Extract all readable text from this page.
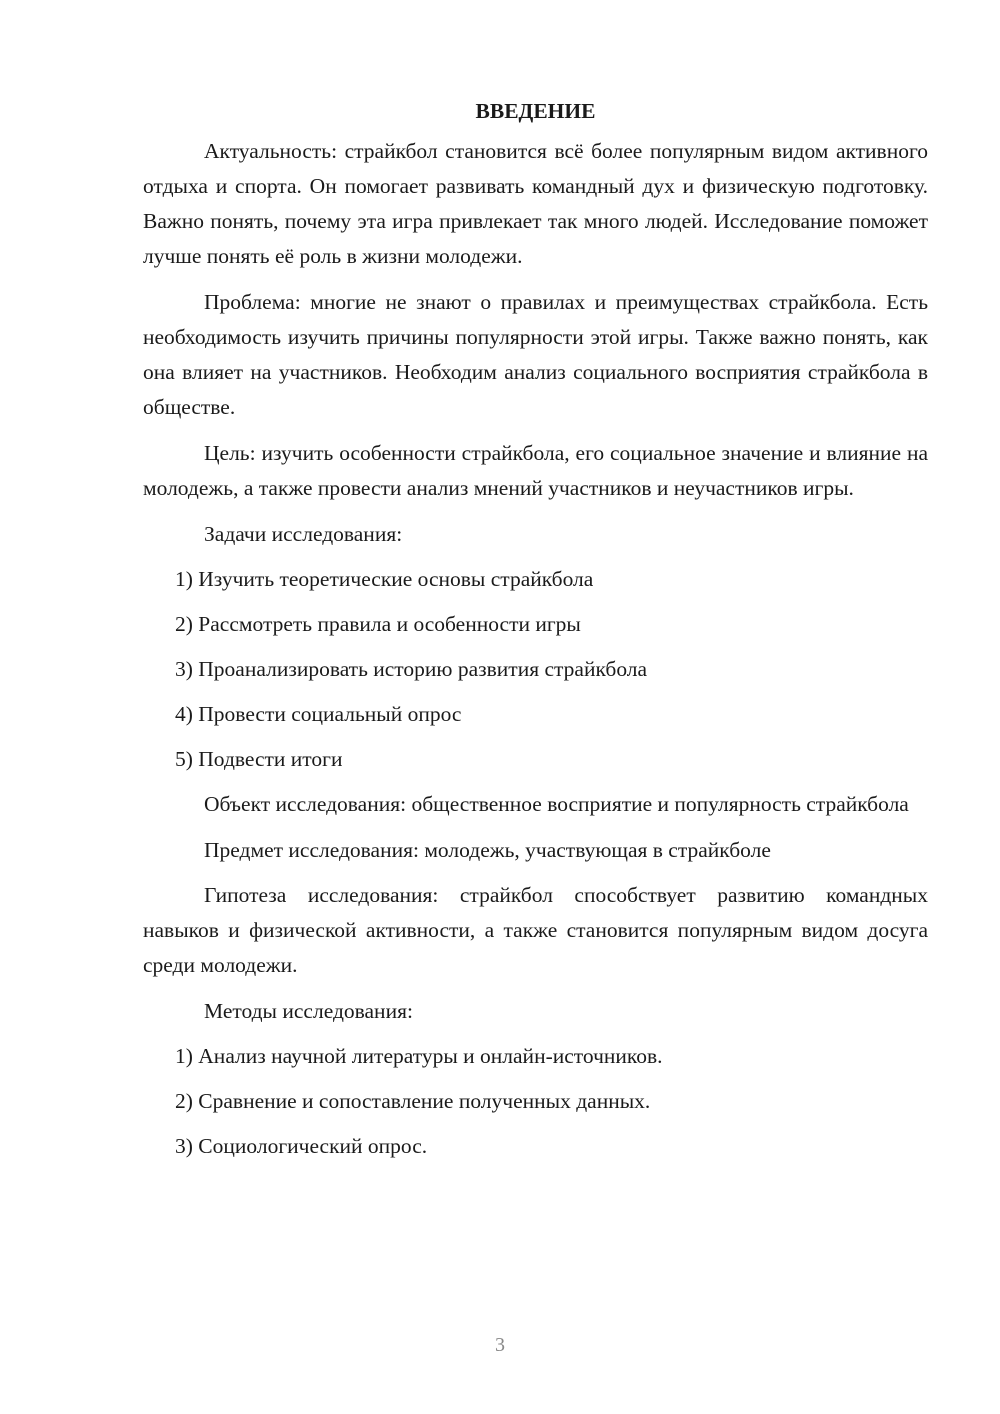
ВВЕДЕНИЕ

Актуальность: страйкбол становится всё более популярным видом активного отдыха и спорта. Он помогает развивать командный дух и физическую подготовку. Важно понять, почему эта игра привлекает так много людей. Исследование поможет лучше понять её роль в жизни молодежи.

Проблема: многие не знают о правилах и преимуществах страйкбола. Есть необходимость изучить причины популярности этой игры. Также важно понять, как она влияет на участников. Необходим анализ социального восприятия страйкбола в обществе.

Цель: изучить особенности страйкбола, его социальное значение и влияние на молодежь, а также провести анализ мнений участников и неучастников игры.

Задачи исследования:

1) Изучить теоретические основы страйкбола

2) Рассмотреть правила и особенности игры

3) Проанализировать историю развития страйкбола

4) Провести социальный опрос

5) Подвести итоги

Объект исследования: общественное восприятие и популярность страйкбола

Предмет исследования: молодежь, участвующая в страйкболе

Гипотеза исследования: страйкбол способствует развитию командных навыков и физической активности, а также становится популярным видом досуга среди молодежи.

Методы исследования:

1) Анализ научной литературы и онлайн-источников.

2) Сравнение и сопоставление полученных данных.

3) Социологический опрос.

3
